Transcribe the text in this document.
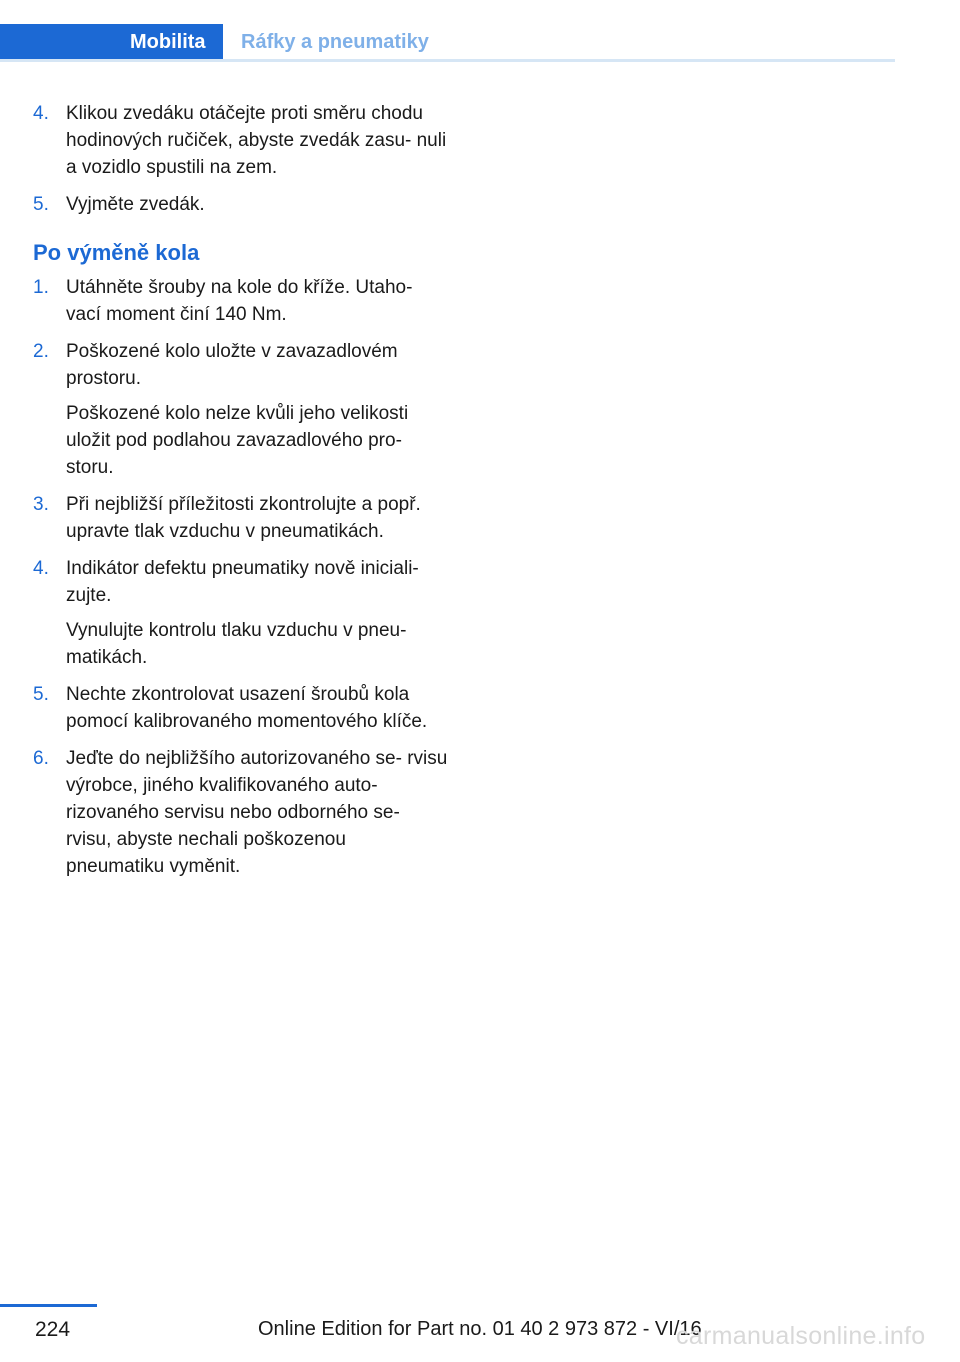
Mobilita Ráfky a pneumatiky
4. Klikou zvedáku otáčejte proti směru chodu hodinových ručiček, abyste zvedák zasu‐ nuli a vozidlo spustili na zem.

5. Vyjměte zvedák.

Po výměně kola
1. Utáhněte šrouby na kole do kříže. Utaho‐ vací moment činí 140 Nm.

2. Poškozené kolo uložte v zavazadlovém prostoru.

Poškozené kolo nelze kvůli jeho velikosti uložit pod podlahou zavazadlového pro‐ storu.

3. Při nejbližší příležitosti zkontrolujte a popř. upravte tlak vzduchu v pneumatikách.

4. Indikátor defektu pneumatiky nově iniciali‐ zujte.

Vynulujte kontrolu tlaku vzduchu v pneu‐ matikách.

5. Nechte zkontrolovat usazení šroubů kola pomocí kalibrovaného momentového klíče.

6. Jeďte do nejbližšího autorizovaného se‐ rvisu výrobce, jiného kvalifikovaného auto‐ rizovaného servisu nebo odborného se‐ rvisu, abyste nechali poškozenou pneumatiku vyměnit.

224	Online Edition for Part no. 01 40 2 973 872 - VI/16
carmanualsonline.info
